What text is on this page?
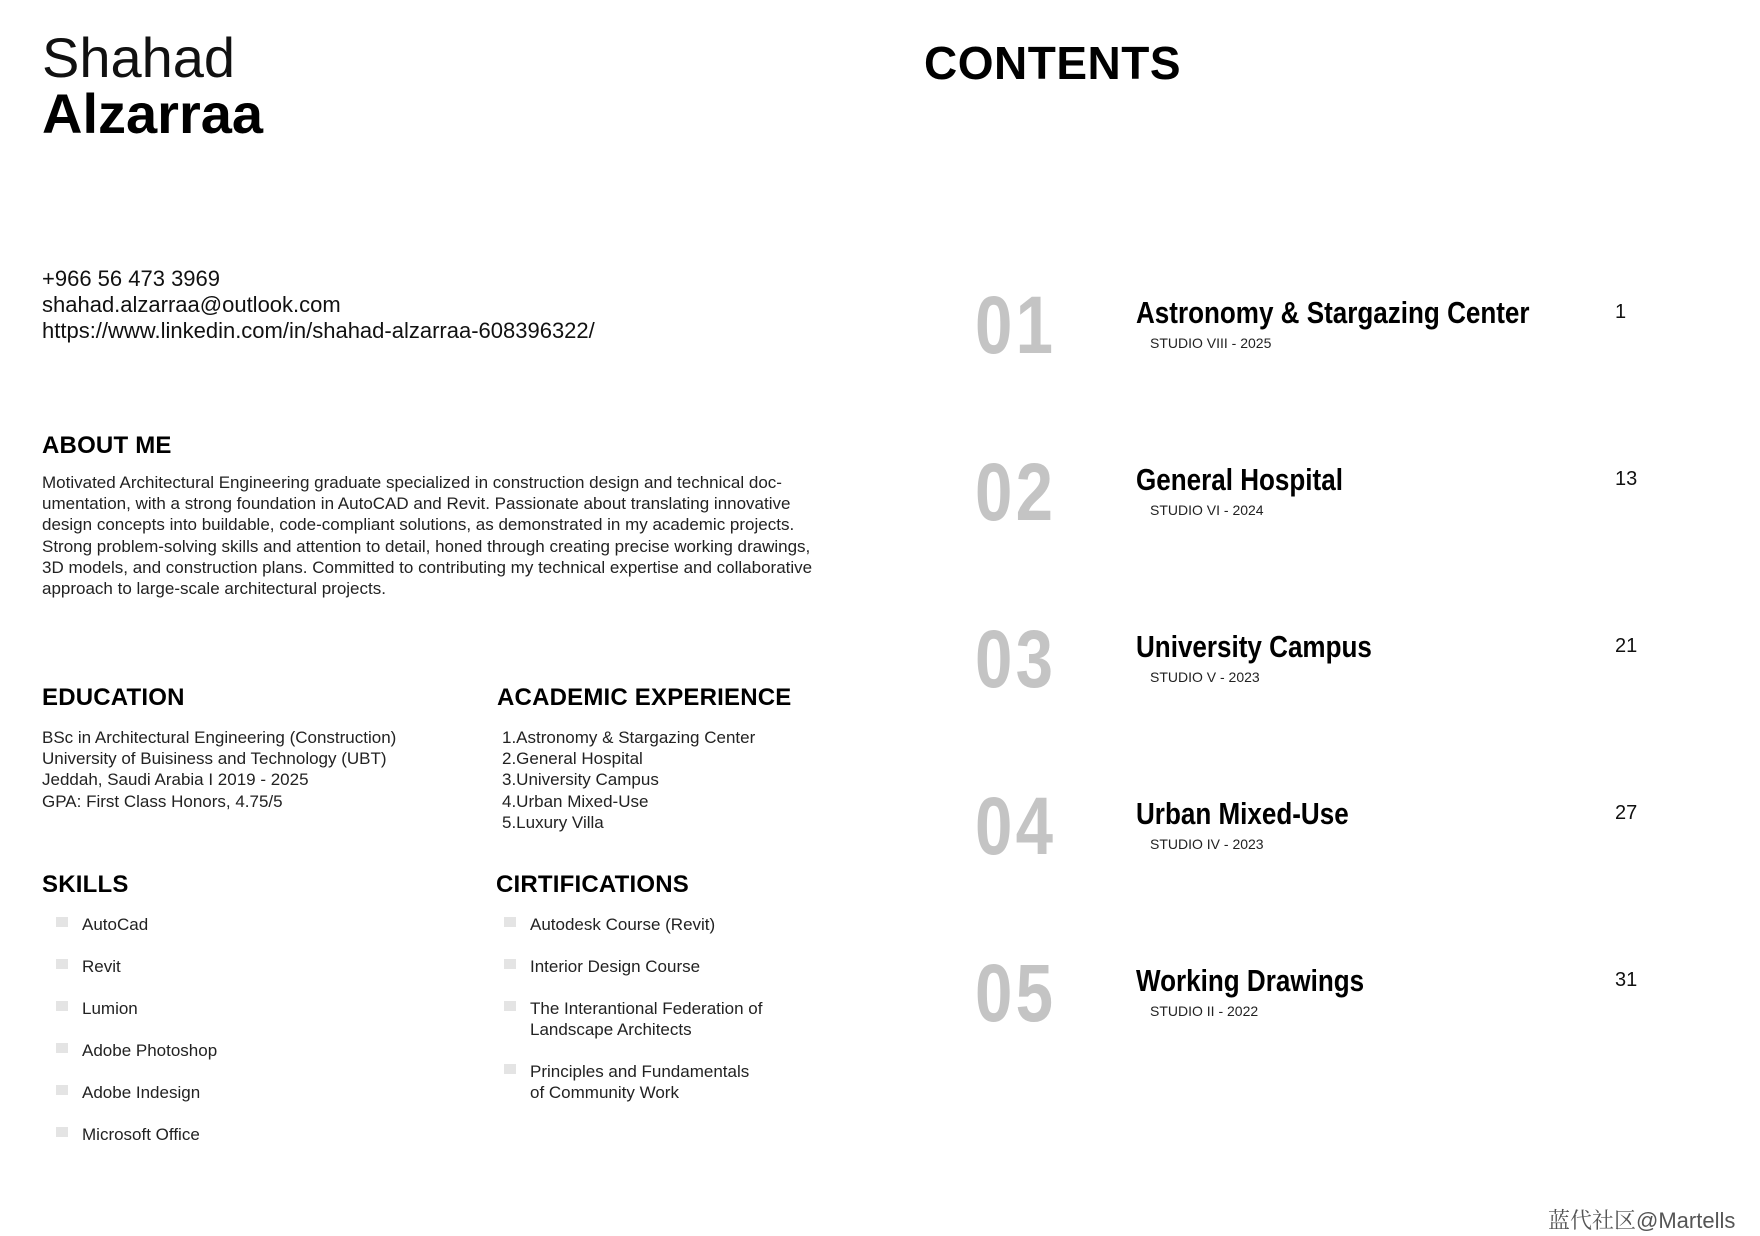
Shahad
Alzarraa
+966 56 473 3969
shahad.alzarraa@outlook.com
https://www.linkedin.com/in/shahad-alzarraa-608396322/
ABOUT ME
Motivated Architectural Engineering graduate specialized in construction design and technical doc-
umentation, with a strong foundation in AutoCAD and Revit. Passionate about translating innovative
design concepts into buildable, code-compliant solutions, as demonstrated in my academic projects.
Strong problem-solving skills and attention to detail, honed through creating precise working drawings,
3D models, and construction plans. Committed to contributing my technical expertise and collaborative
approach to large-scale architectural projects.
EDUCATION
BSc in Architectural Engineering (Construction)
University of Buisiness and Technology (UBT)
Jeddah, Saudi Arabia I 2019 - 2025
GPA: First Class Honors, 4.75/5
ACADEMIC EXPERIENCE
1.Astronomy & Stargazing Center
2.General Hospital
3.University Campus
4.Urban Mixed-Use
5.Luxury Villa
SKILLS
AutoCad
Revit
Lumion
Adobe Photoshop
Adobe Indesign
Microsoft Office
CIRTIFICATIONS
Autodesk Course (Revit)
Interior Design Course
The Interantional Federation of
Landscape Architects
Principles and Fundamentals
of Community Work
CONTENTS
01	Astronomy & Stargazing Center
STUDIO VIII - 2025
1
02	General Hospital
STUDIO VI - 2024
13
03	University Campus
STUDIO V - 2023
21
04	Urban Mixed-Use
STUDIO IV - 2023
27
05	Working Drawings
STUDIO II - 2022
31
蓝代社区@Martells
